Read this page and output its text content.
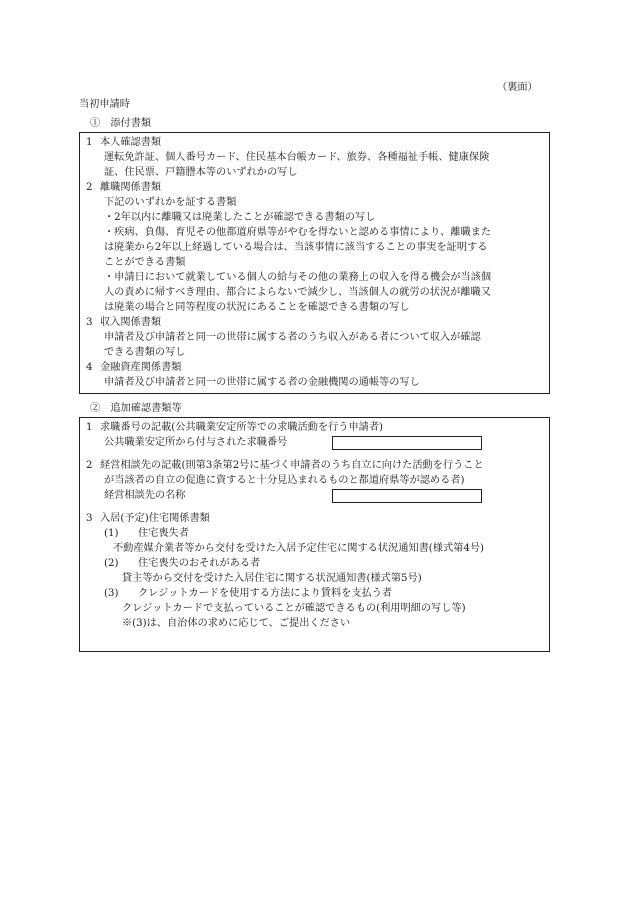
（裏面）
当初申請時
①　添付書類
1 本人確認書類
運転免許証、個人番号カード、住民基本台帳カード、旅券、各種福祉手帳、健康保険
証、住民票、戸籍謄本等のいずれかの写し
2 離職関係書類
下記のいずれかを証する書類
・2年以内に離職又は廃業したことが確認できる書類の写し
・疾病、負傷、育児その他都道府県等がやむを得ないと認める事情により、離職また
は廃業から2年以上経過している場合は、当該事情に該当することの事実を証明する
ことができる書類
・申請日において就業している個人の給与その他の業務上の収入を得る機会が当該個
人の責めに帰すべき理由、都合によらないで減少し、当該個人の就労の状況が離職又
は廃業の場合と同等程度の状況にあることを確認できる書類の写し
3 収入関係書類
申請者及び申請者と同一の世帯に属する者のうち収入がある者について収入が確認
できる書類の写し
4 金融資産関係書類
申請者及び申請者と同一の世帯に属する者の金融機関の通帳等の写し
②　追加確認書類等
1 求職番号の記載(公共職業安定所等での求職活動を行う申請者)
公共職業安定所から付与された求職番号
2 経営相談先の記載(則第3条第2号に基づく申請者のうち自立に向けた活動を行うこと
が当該者の自立の促進に資すると十分見込まれるものと都道府県等が認める者)
経営相談先の名称
3 入居(予定)住宅関係書類
(1) 住宅喪失者
不動産媒介業者等から交付を受けた入居予定住宅に関する状況通知書(様式第4号)
(2) 住宅喪失のおそれがある者
貸主等から交付を受けた入居住宅に関する状況通知書(様式第5号)
(3) クレジットカードを使用する方法により賃料を支払う者
クレジットカードで支払っていることが確認できるもの(利用明細の写し等)
※(3)は、自治体の求めに応じて、ご提出ください
